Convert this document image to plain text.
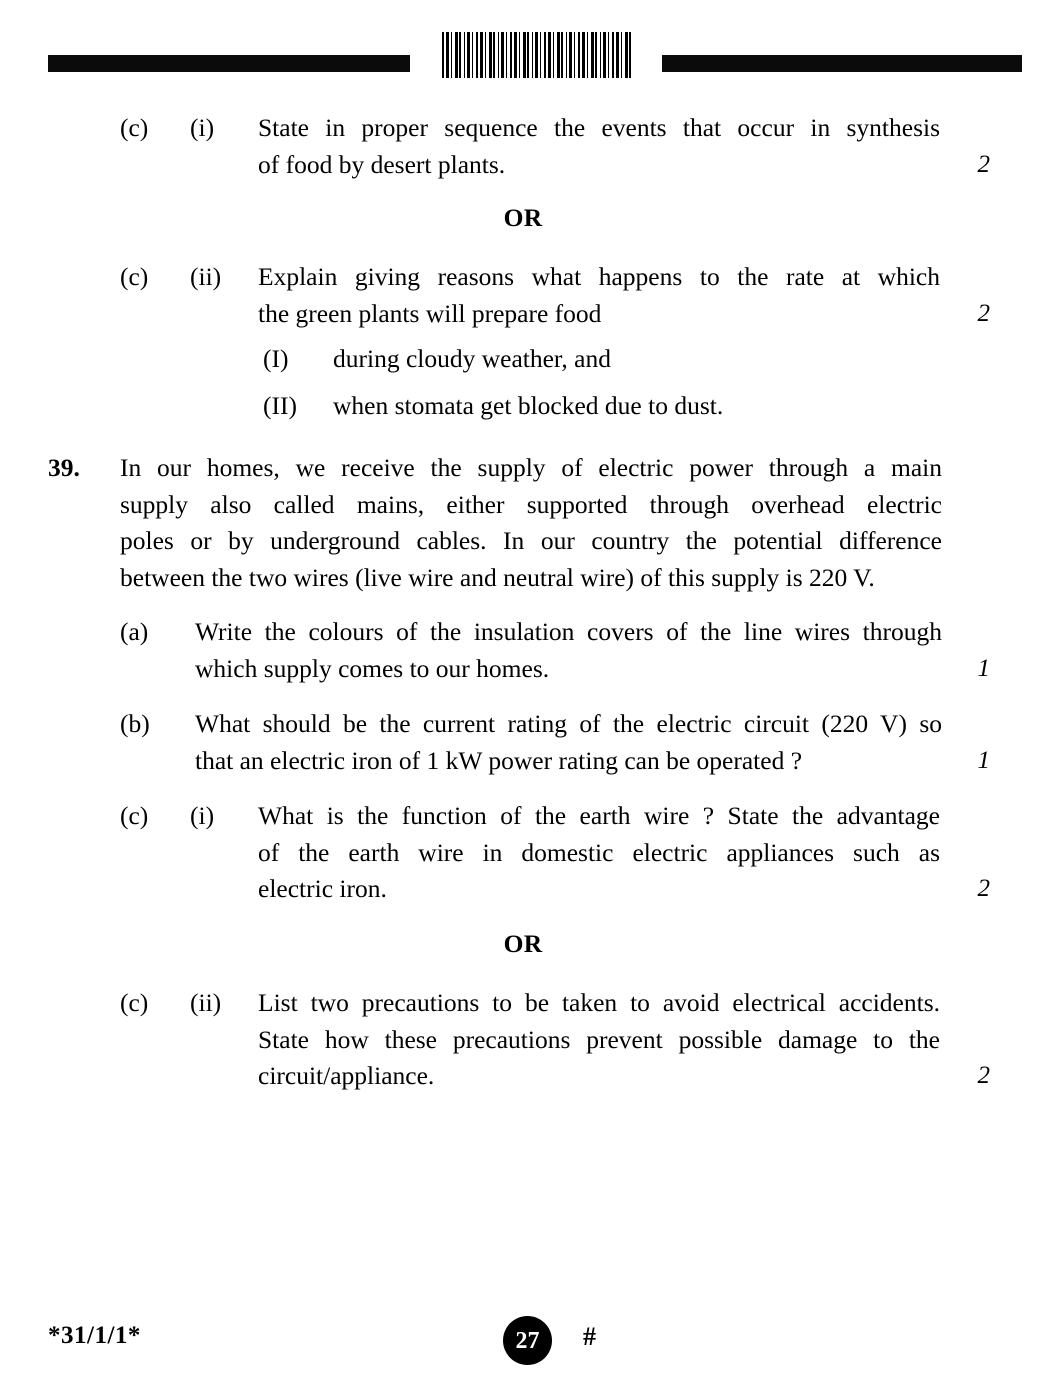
(c) (i) State in proper sequence the events that occur in synthesis
of food by desert plants.	2
OR
(c) (ii) Explain giving reasons what happens to the rate at which
the green plants will prepare food	2
(I) during cloudy weather, and
(II) when stomata get blocked due to dust.
39. In our homes, we receive the supply of electric power through a main
supply also called mains, either supported through overhead electric
poles or by underground cables. In our country the potential difference
between the two wires (live wire and neutral wire) of this supply is 220 V.
(a) Write the colours of the insulation covers of the line wires through
which supply comes to our homes.	1
(b) What should be the current rating of the electric circuit (220 V) so
that an electric iron of 1 kW power rating can be operated ?	1
(c) (i) What is the function of the earth wire ? State the advantage
of the earth wire in domestic electric appliances such as
electric iron.	2
OR
(c) (ii) List two precautions to be taken to avoid electrical accidents.
State how these precautions prevent possible damage to the
circuit/appliance.	2
*31/1/1*	27 #
